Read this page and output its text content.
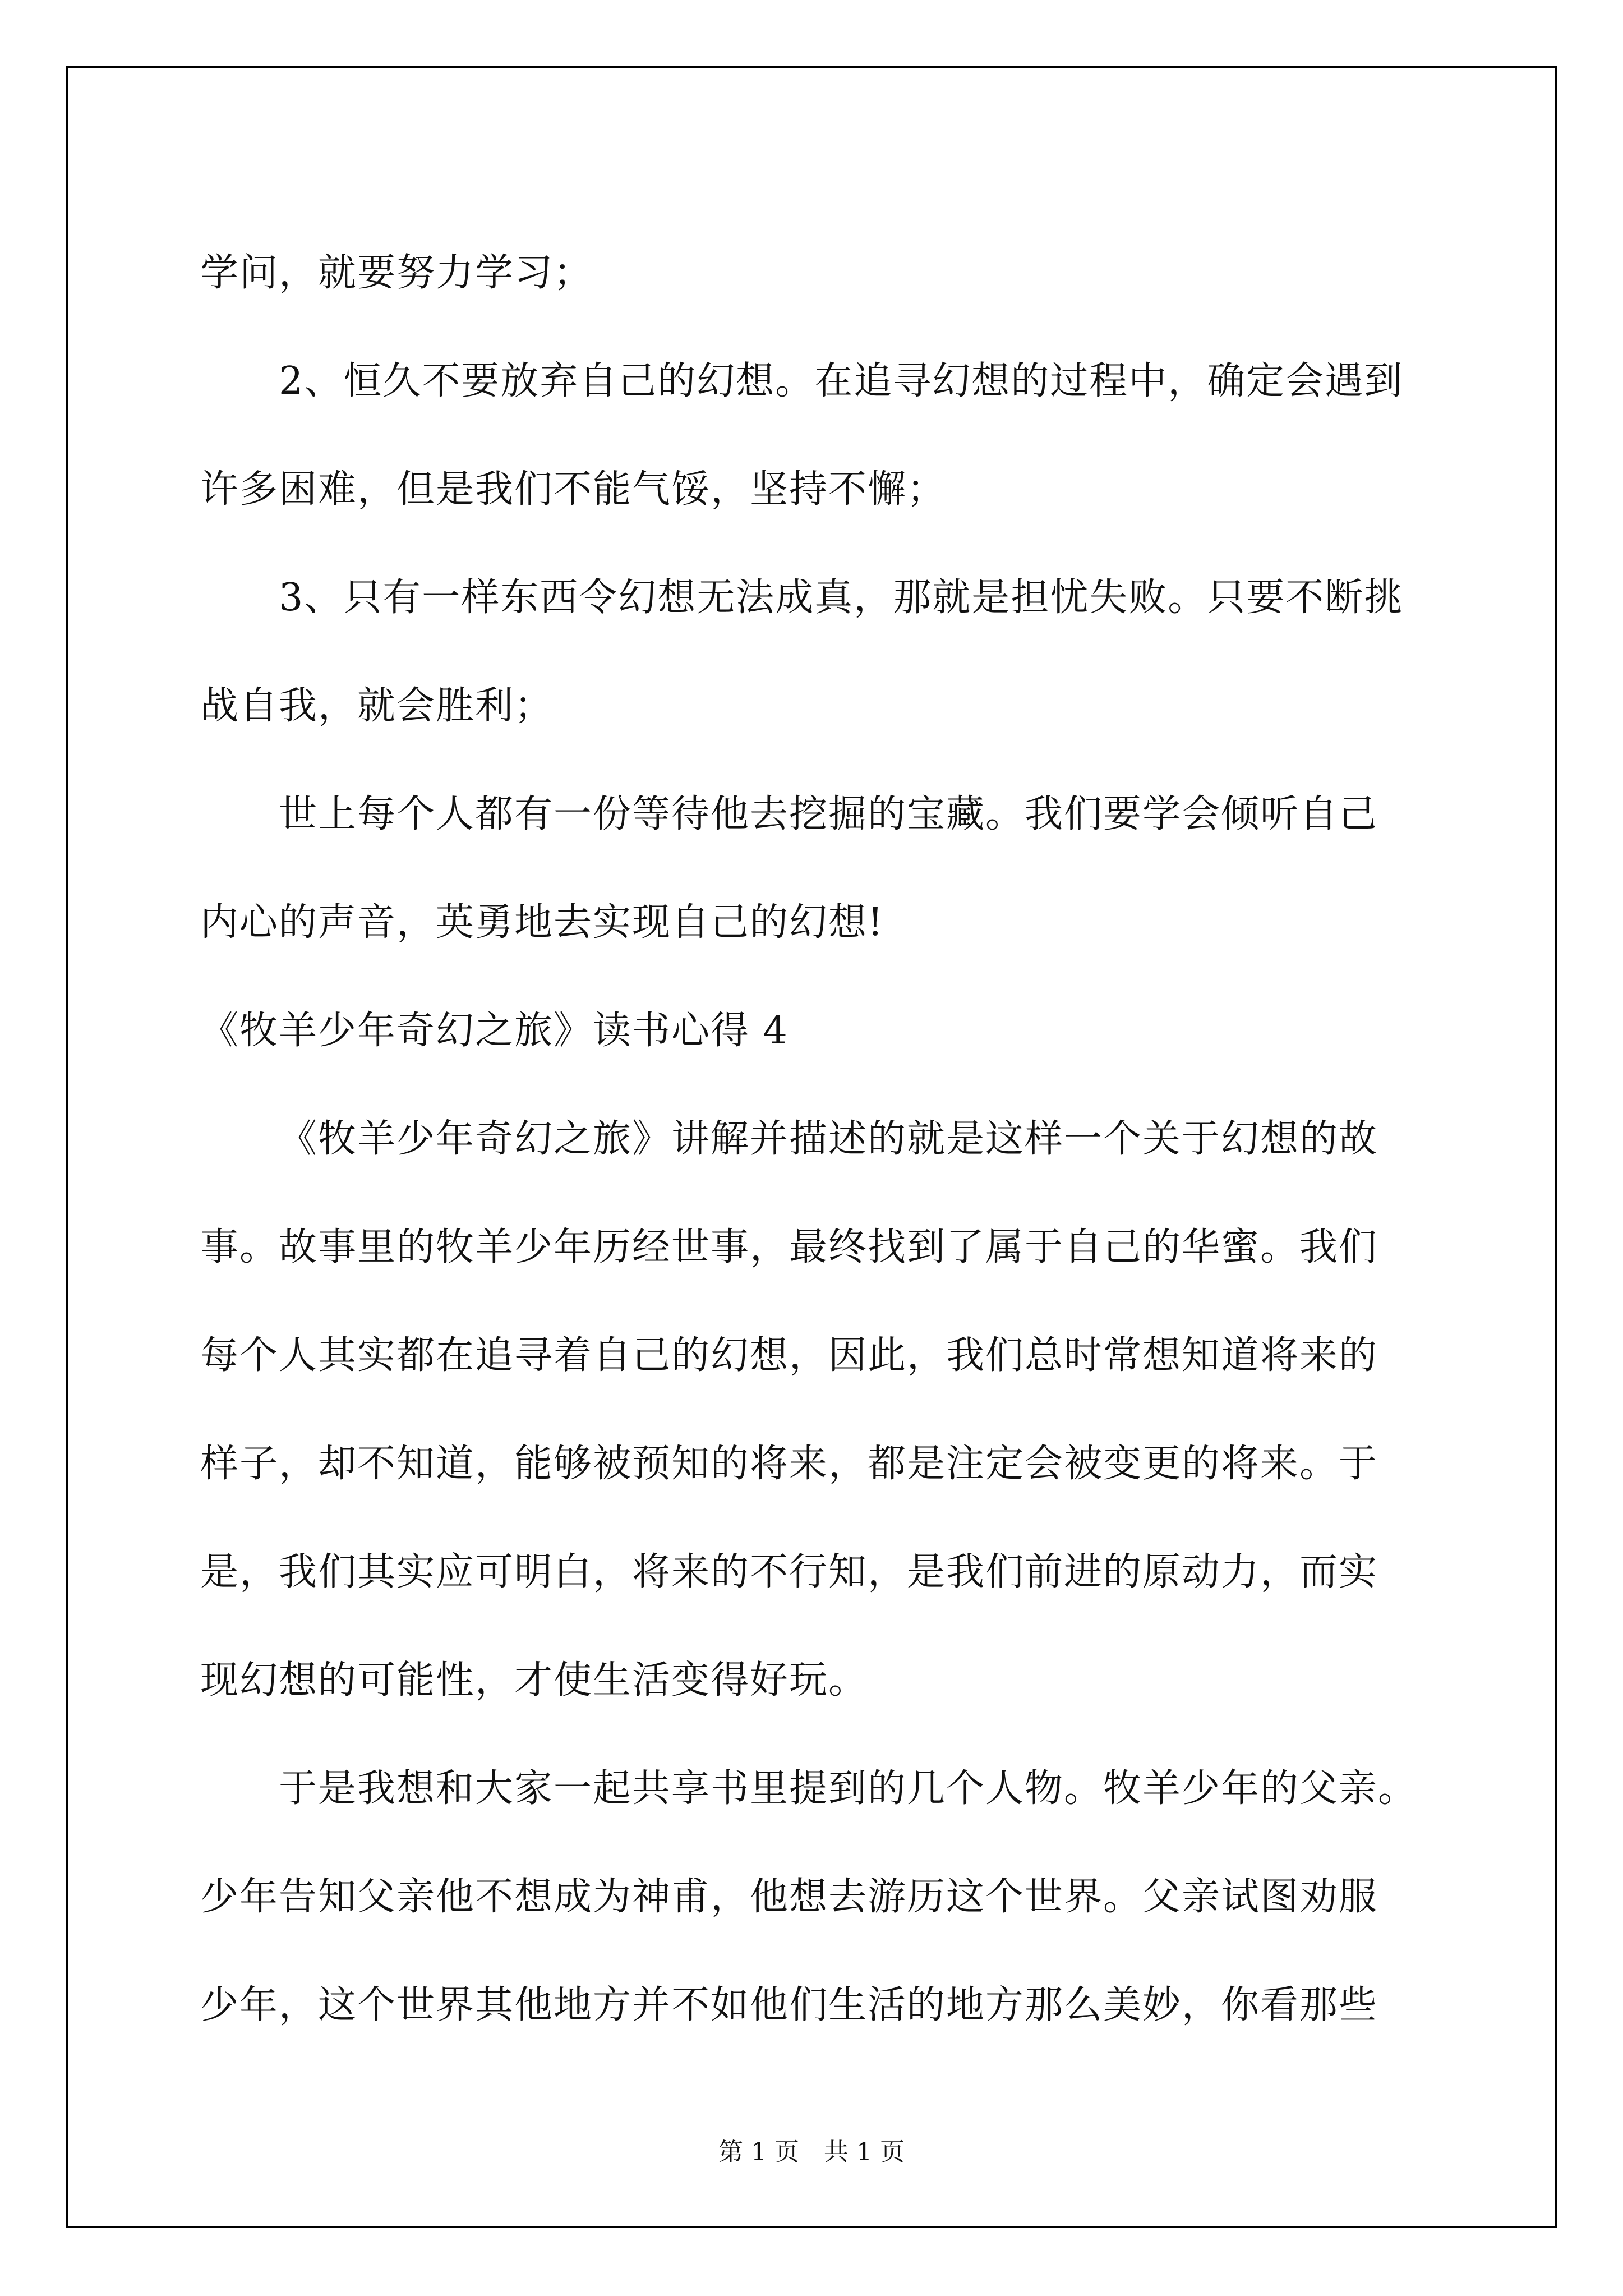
学问，就要努力学习；
2、恒久不要放弃自己的幻想。在追寻幻想的过程中，确定会遇到
许多困难，但是我们不能气馁，坚持不懈；
3、只有一样东西令幻想无法成真，那就是担忧失败。只要不断挑
战自我，就会胜利；
世上每个人都有一份等待他去挖掘的宝藏。我们要学会倾听自己
内心的声音，英勇地去实现自己的幻想!
《牧羊少年奇幻之旅》读书心得 4
《牧羊少年奇幻之旅》讲解并描述的就是这样一个关于幻想的故
事。故事里的牧羊少年历经世事，最终找到了属于自己的华蜜。我们
每个人其实都在追寻着自己的幻想，因此，我们总时常想知道将来的
样子，却不知道，能够被预知的将来，都是注定会被变更的将来。于
是，我们其实应可明白，将来的不行知，是我们前进的原动力，而实
现幻想的可能性，才使生活变得好玩。
于是我想和大家一起共享书里提到的几个人物。牧羊少年的父亲。
少年告知父亲他不想成为神甫，他想去游历这个世界。父亲试图劝服
少年，这个世界其他地方并不如他们生活的地方那么美妙，你看那些
第 1 页　共 1 页
